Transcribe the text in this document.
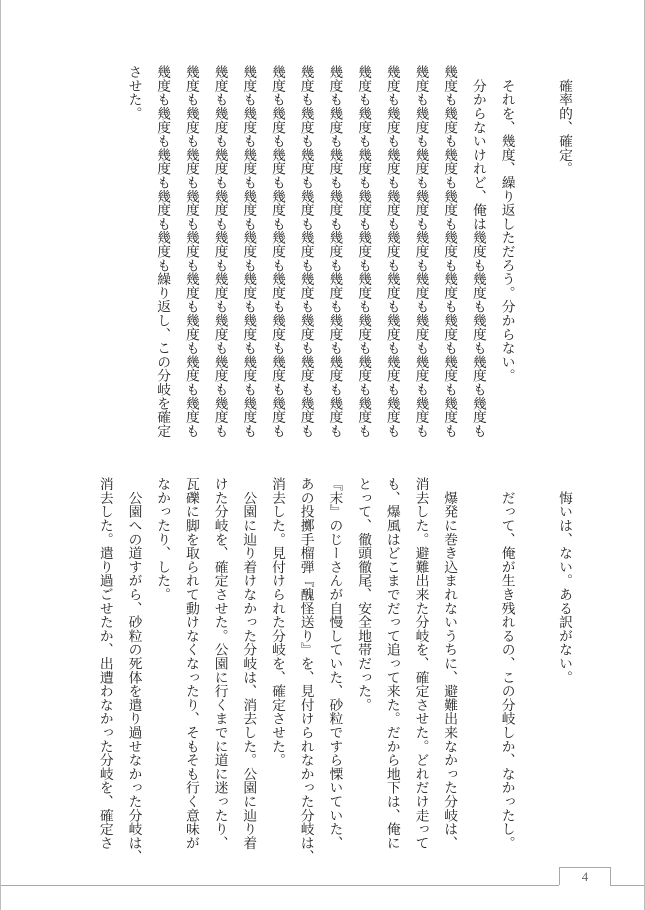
　確率的、確定。
　それを、幾度、繰り返しただろう。分からない。
　分からないけれど、俺は幾度も幾度も幾度も幾度も幾度も
幾度も幾度も幾度も幾度も幾度も幾度も幾度も幾度も幾度も
幾度も幾度も幾度も幾度も幾度も幾度も幾度も幾度も幾度も
幾度も幾度も幾度も幾度も幾度も幾度も幾度も幾度も幾度も
幾度も幾度も幾度も幾度も幾度も幾度も幾度も幾度も幾度も
幾度も幾度も幾度も幾度も幾度も幾度も幾度も幾度も幾度も
幾度も幾度も幾度も幾度も幾度も幾度も幾度も幾度も幾度も
幾度も幾度も幾度も幾度も幾度も幾度も幾度も幾度も幾度も
幾度も幾度も幾度も幾度も幾度も幾度も幾度も幾度も幾度も
幾度も幾度も幾度も幾度も幾度も幾度も幾度も幾度も幾度も
幾度も幾度も幾度も幾度も幾度も幾度も幾度も幾度も幾度も
幾度も幾度も幾度も幾度も幾度も繰り返し、この分岐を確定
させた。
　悔いは、ない。ある訳がない。
　だって、俺が生き残れるの、この分岐しか、なかったし。
　爆発に巻き込まれないうちに、避難出来なかった分岐は、
消去した。避難出来た分岐を、確定させた。どれだけ走って
も、爆風はどこまでだって追って来た。だから地下は、俺に
とって、徹頭徹尾、安全地帯だった。
『末』のじーさんが自慢していた、砂粒ですら慄いていた、
あの投擲手榴弾『醜怪送り』を、見付けられなかった分岐は、
消去した。見付けられた分岐を、確定させた。
　公園に辿り着けなかった分岐は、消去した。公園に辿り着
けた分岐を、確定させた。公園に行くまでに道に迷ったり、
瓦礫に脚を取られて動けなくなったり、そもそも行く意味が
なかったり、した。
　公園への道すがら、砂粒の死体を遣り過せなかった分岐は、
消去した。遣り過ごせたか、出遭わなかった分岐を、確定さ
4
